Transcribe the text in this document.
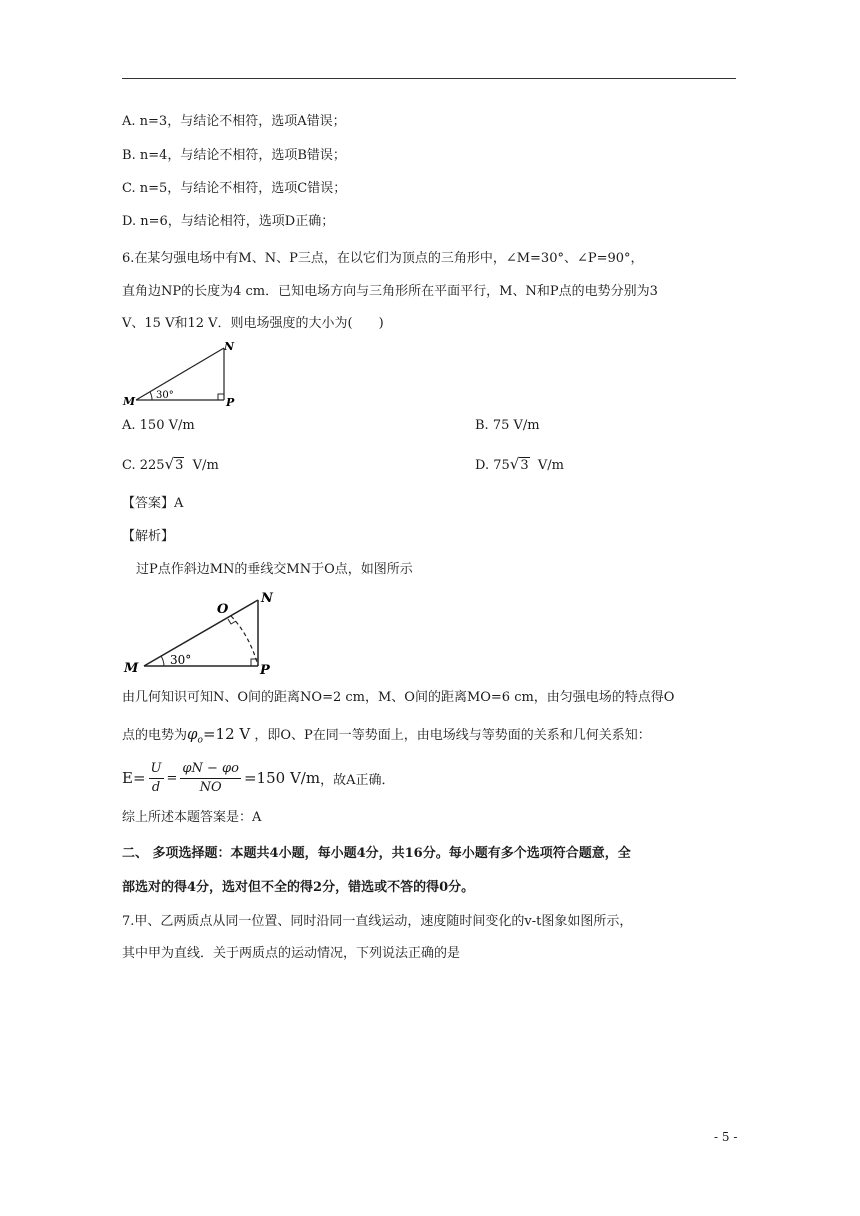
A. n=3，与结论不相符，选项A错误；
B. n=4，与结论不相符，选项B错误；
C. n=5，与结论不相符，选项C错误；
D. n=6，与结论相符，选项D正确；
6.在某匀强电场中有M、N、P三点，在以它们为顶点的三角形中，∠M=30°、∠P=90°，
直角边NP的长度为4 cm．已知电场方向与三角形所在平面平行，M、N和P点的电势分别为3
V、15 V和12 V．则电场强度的大小为(　　)
M
N
P
30°
A. 150 V/m	B. 75 V/m
C. 225√3 V/m	D. 75√3 V/m
【答案】A
【解析】
过P点作斜边MN的垂线交MN于O点，如图所示
M
N
P
O
30°
由几何知识可知N、O间的距离NO=2 cm，M、O间的距离MO=6 cm，由匀强电场的特点得O
点的电势为$\varphi_o=12$ V ，即O、P在同一等势面上，由电场线与等势面的关系和几何关系知：
$E= \frac{U}{d} = \frac{\varphi N - \varphi o}{NO} =150$ V/m ，故A正确．
综上所述本题答案是：A
二、 多项选择题：本题共4小题，每小题4分，共16分。每小题有多个选项符合题意，全
部选对的得4分，选对但不全的得2分，错选或不答的得0分。
7.甲、乙两质点从同一位置、同时沿同一直线运动，速度随时间变化的v-t图象如图所示，
其中甲为直线．关于两质点的运动情况，下列说法正确的是
- 5 -
